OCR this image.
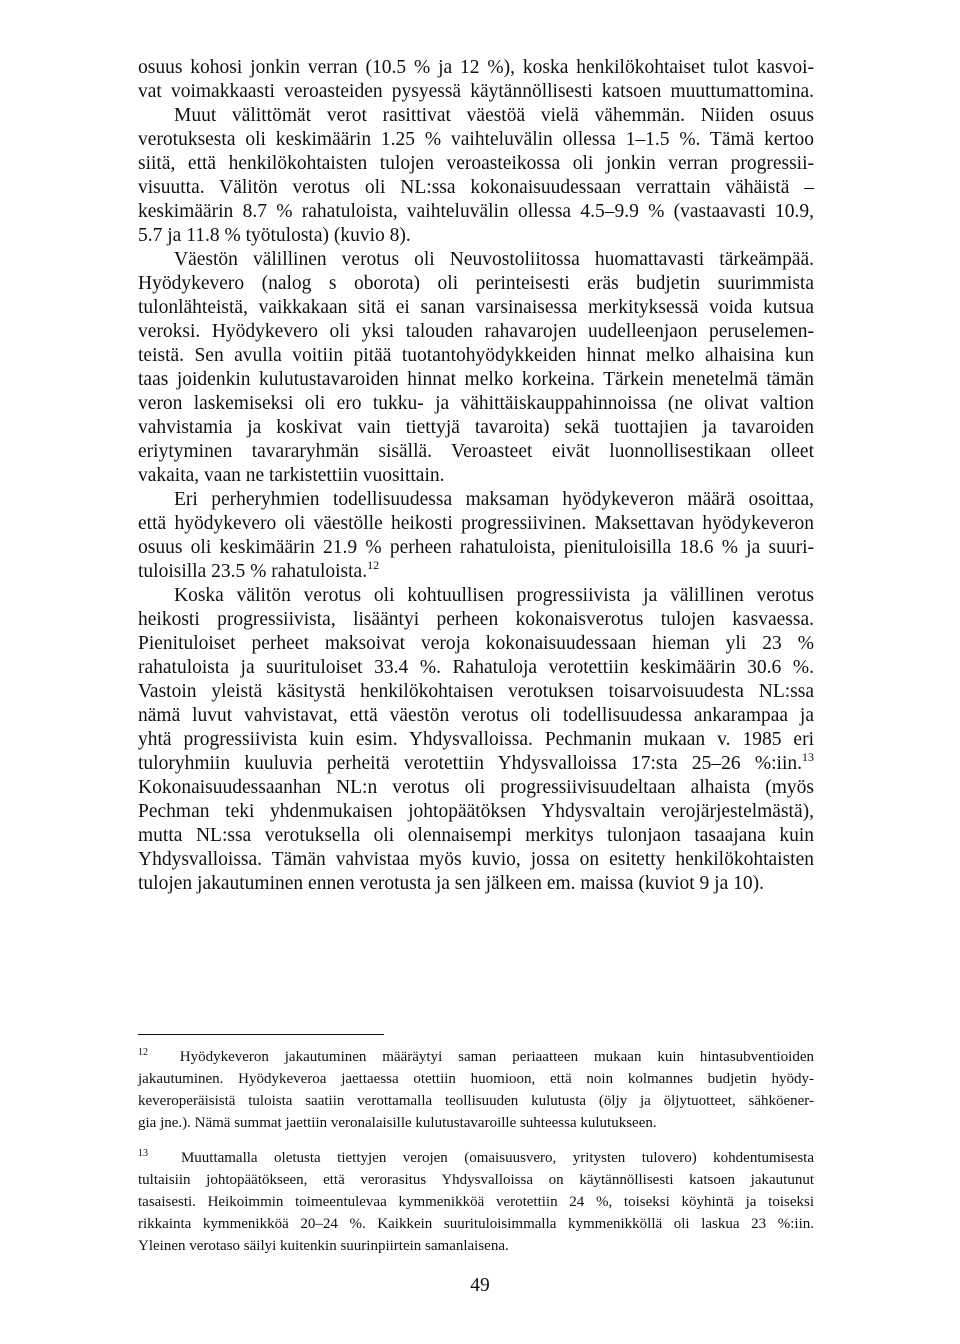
osuus kohosi jonkin verran (10.5 % ja 12 %), koska henkilökohtaiset tulot kasvoi-
vat voimakkaasti veroasteiden pysyessä käytännöllisesti katsoen muuttumattomina.
Muut välittömät verot rasittivat väestöä vielä vähemmän. Niiden osuus
verotuksesta oli keskimäärin 1.25 % vaihteluvälin ollessa 1–1.5 %. Tämä kertoo
siitä, että henkilökohtaisten tulojen veroasteikossa oli jonkin verran progressii-
visuutta. Välitön verotus oli NL:ssa kokonaisuudessaan verrattain vähäistä –
keskimäärin 8.7 % rahatuloista, vaihteluvälin ollessa 4.5–9.9 % (vastaavasti 10.9,
5.7 ja 11.8 % työtulosta) (kuvio 8).
Väestön välillinen verotus oli Neuvostoliitossa huomattavasti tärkeämpää.
Hyödykevero (nalog s oborota) oli perinteisesti eräs budjetin suurimmista
tulonlähteistä, vaikkakaan sitä ei sanan varsinaisessa merkityksessä voida kutsua
veroksi. Hyödykevero oli yksi talouden rahavarojen uudelleenjaon peruselemen-
teistä. Sen avulla voitiin pitää tuotantohyödykkeiden hinnat melko alhaisina kun
taas joidenkin kulutustavaroiden hinnat melko korkeina. Tärkein menetelmä tämän
veron laskemiseksi oli ero tukku- ja vähittäiskauppahinnoissa (ne olivat valtion
vahvistamia ja koskivat vain tiettyjä tavaroita) sekä tuottajien ja tavaroiden
eriytyminen tavararyhmän sisällä. Veroasteet eivät luonnollisestikaan olleet
vakaita, vaan ne tarkistettiin vuosittain.
Eri perheryhmien todellisuudessa maksaman hyödykeveron määrä osoittaa,
että hyödykevero oli väestölle heikosti progressiivinen. Maksettavan hyödykeveron
osuus oli keskimäärin 21.9 % perheen rahatuloista, pienituloisilla 18.6 % ja suuri-
tuloisilla 23.5 % rahatuloista.$^{12}$
Koska välitön verotus oli kohtuullisen progressiivista ja välillinen verotus
heikosti progressiivista, lisääntyi perheen kokonaisverotus tulojen kasvaessa.
Pienituloiset perheet maksoivat veroja kokonaisuudessaan hieman yli 23 %
rahatuloista ja suurituloiset 33.4 %. Rahatuloja verotettiin keskimäärin 30.6 %.
Vastoin yleistä käsitystä henkilökohtaisen verotuksen toisarvoisuudesta NL:ssa
nämä luvut vahvistavat, että väestön verotus oli todellisuudessa ankarampaa ja
yhtä progressiivista kuin esim. Yhdysvalloissa. Pechmanin mukaan v. 1985 eri
tuloryhmiin kuuluvia perheitä verotettiin Yhdysvalloissa 17:sta 25–26 %:iin.$^{13}$
Kokonaisuudessaanhan NL:n verotus oli progressiivisuudeltaan alhaista (myös
Pechman teki yhdenmukaisen johtopäätöksen Yhdysvaltain verojärjestelmästä),
mutta NL:ssa verotuksella oli olennaisempi merkitys tulonjaon tasaajana kuin
Yhdysvalloissa. Tämän vahvistaa myös kuvio, jossa on esitetty henkilökohtaisten
tulojen jakautuminen ennen verotusta ja sen jälkeen em. maissa (kuviot 9 ja 10).
$^{12}$ Hyödykeveron jakautuminen määräytyi saman periaatteen mukaan kuin hintasubventioiden
jakautuminen. Hyödykeveroa jaettaessa otettiin huomioon, että noin kolmannes budjetin hyödy-
keveroperäisistä tuloista saatiin verottamalla teollisuuden kulutusta (öljy ja öljytuotteet, sähköener-
gia jne.). Nämä summat jaettiin veronalaisille kulutustavaroille suhteessa kulutukseen.
$^{13}$ Muuttamalla oletusta tiettyjen verojen (omaisuusvero, yritysten tulovero) kohdentumisesta
tultaisiin johtopäätökseen, että verorasitus Yhdysvalloissa on käytännöllisesti katsoen jakautunut
tasaisesti. Heikoimmin toimeentulevaa kymmenikköä verotettiin 24 %, toiseksi köyhintä ja toiseksi
rikkainta kymmenikköä 20–24 %. Kaikkein suurituloisimmalla kymmenikköllä oli laskua 23 %:iin.
Yleinen verotaso säilyi kuitenkin suurinpiirtein samanlaisena.
49
